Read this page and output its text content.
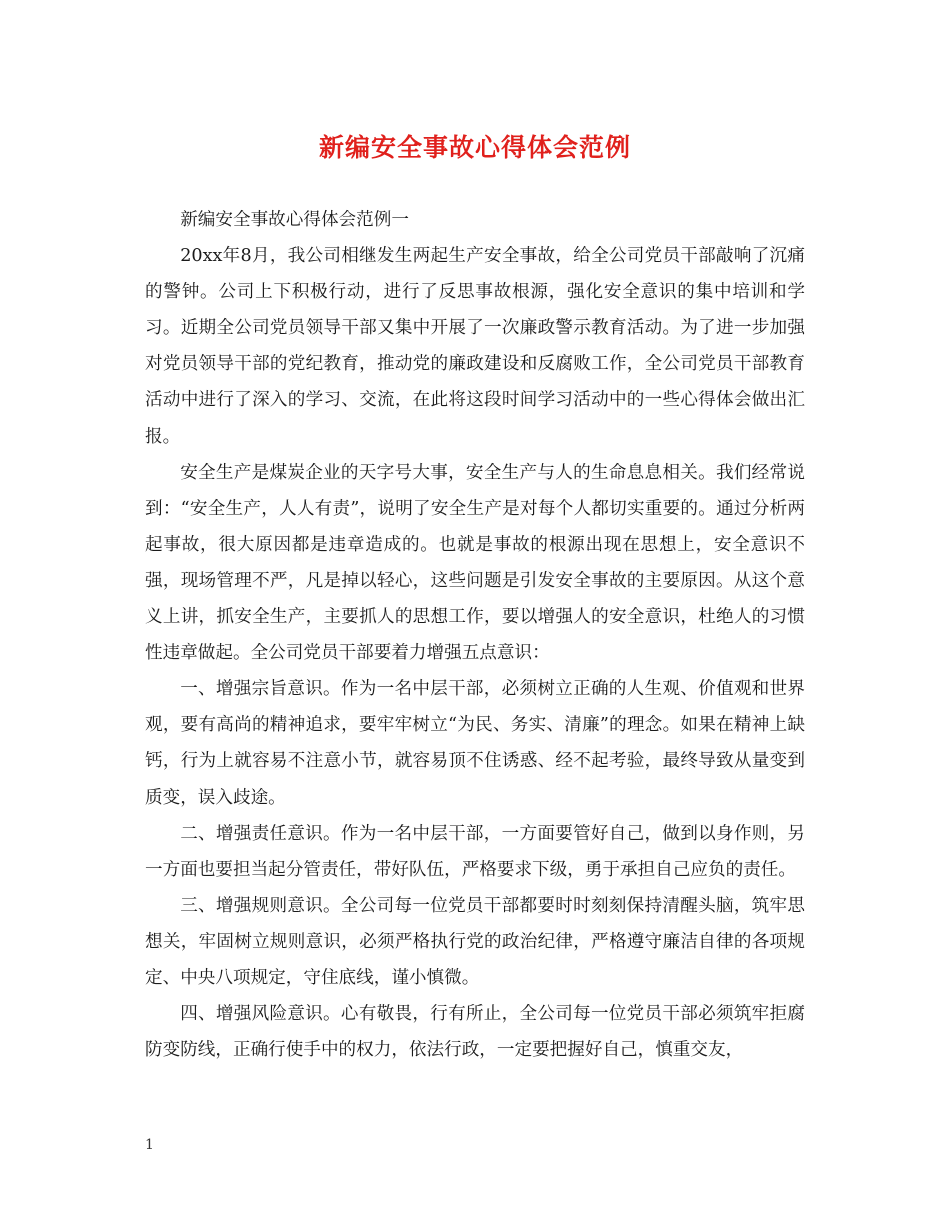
新编安全事故心得体会范例

新编安全事故心得体会范例一

20xx年8月，我公司相继发生两起生产安全事故，给全公司党员干部敲响了沉痛的警钟。公司上下积极行动，进行了反思事故根源，强化安全意识的集中培训和学习。近期全公司党员领导干部又集中开展了一次廉政警示教育活动。为了进一步加强对党员领导干部的党纪教育，推动党的廉政建设和反腐败工作，全公司党员干部教育活动中进行了深入的学习、交流，在此将这段时间学习活动中的一些心得体会做出汇报。

安全生产是煤炭企业的天字号大事，安全生产与人的生命息息相关。我们经常说到：“安全生产，人人有责”，说明了安全生产是对每个人都切实重要的。通过分析两起事故，很大原因都是违章造成的。也就是事故的根源出现在思想上，安全意识不强，现场管理不严，凡是掉以轻心，这些问题是引发安全事故的主要原因。从这个意义上讲，抓安全生产，主要抓人的思想工作，要以增强人的安全意识，杜绝人的习惯性违章做起。全公司党员干部要着力增强五点意识：

一、增强宗旨意识。作为一名中层干部，必须树立正确的人生观、价值观和世界观，要有高尚的精神追求，要牢牢树立“为民、务实、清廉”的理念。如果在精神上缺钙，行为上就容易不注意小节，就容易顶不住诱惑、经不起考验，最终导致从量变到质变，误入歧途。

二、增强责任意识。作为一名中层干部，一方面要管好自己，做到以身作则，另一方面也要担当起分管责任，带好队伍，严格要求下级，勇于承担自己应负的责任。

三、增强规则意识。全公司每一位党员干部都要时时刻刻保持清醒头脑，筑牢思想关，牢固树立规则意识，必须严格执行党的政治纪律，严格遵守廉洁自律的各项规定、中央八项规定，守住底线，谨小慎微。

四、增强风险意识。心有敬畏，行有所止，全公司每一位党员干部必须筑牢拒腐防变防线，正确行使手中的权力，依法行政，一定要把握好自己，慎重交友，

1
